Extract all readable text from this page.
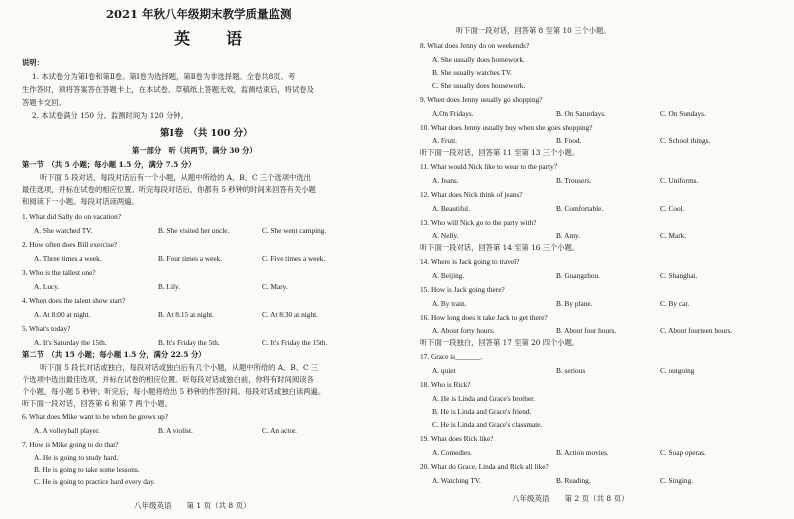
2021 年秋八年级期末教学质量监测
英　语
说明：
1. 本试卷分为第Ⅰ卷和第Ⅱ卷。第Ⅰ卷为选择题，第Ⅱ卷为非选择题。全卷共8页。考
生作答时，须将答案答在答题卡上，在本试卷、草稿纸上答题无效，监测结束后，将试卷及
答题卡交回。
2. 本试卷满分 150 分。监测时间为 120 分钟。
第Ⅰ卷　（共 100 分）
第一部分　听（共两节，满分 30 分）
第一节　（共 5 小题；每小题 1.5 分，满分 7.5 分）
听下面 5 段对话，每段对话后有一个小题，从题中所给的 A、B、C 三个选项中选出
最佳选项，并标在试卷的相应位置。听完每段对话后，你都有 5 秒钟的时间来回答有关小题
和阅读下一小题。每段对话读两遍。
1. What did Sally do on vacation?
A. She watched TV.	B. She visited her uncle.	C. She went camping.
2. How often does Bill exercise?
A. Three times a week.	B. Four times a week.	C. Five times a week.
3. Who is the tallest one?
A. Lucy.	B. Lily.	C. Mary.
4. When does the talent show start?
A. At 8:00 at night.	B. At 8:15 at night.	C. At 8:30 at night.
5. What's today?
A. It's Saturday the 15th.	B. It's Friday the 5th.	C. It's Friday the 15th.
第二节　（共 15 小题；每小题 1.5 分，满分 22.5 分）
听下面 5 段长对话或独白，每段对话或独白后有几个小题，从题中所给的 A、B、C 三
个选项中选出最佳选项，并标在试卷的相应位置。听每段对话或独白前，你将有时间阅读各
个小题，每小题 5 秒钟；听完后，每小题将给出 5 秒钟的作答时间。每段对话或独白读两遍。
听下面一段对话，回答第 6 和第 7 两个小题。
6. What does Mike want to be when he grows up?
A. A volleyball player.	B. A violist.	C. An actor.
7. How is Mike going to do that?
A. He is going to study hard.
B. He is going to take some lessons.
C. He is going to practice hard every day.
八年级英语　　第 1 页（共 8 页）
听下面一段对话，回答第 8 至第 10 三个小题。
8. What does Jenny do on weekends?
A. She usually does homework.
B. She usually watches TV.
C. She usually does housework.
9. When does Jenny usually go shopping?
A.On Fridays.	B. On Saturdays.	C. On Sundays.
10. What does Jenny usually buy when she goes shopping?
A. Fruit.	B. Food.	C. School things.
听下面一段对话，回答第 11 至第 13 三个小题。
11. What would Nick like to wear to the party？
A. Jeans.	B. Trousers.	C. Uniforms.
12. What does Nick think of jeans?
A. Beautiful.	B. Comfortable.	C. Cool.
13. Who will Nick go to the party with?
A. Nelly.	B. Amy.	C. Mark.
听下面一段对话，回答第 14 至第 16 三个小题。
14. Where is Jack going to travel?
A. Beijing.	B. Guangzhou.	C. Shanghai.
15. How is Jack going there?
A. By train.	B. By plane.	C. By car.
16. How long does it take Jack to get there?
A. About forty hours.	B. About four hours.	C. About fourteen hours.
听下面一段独白，回答第 17 至第 20 四个小题。
17. Grace is_______.
A. quiet	B. serious	C. outgoing
18. Who is Rick?
A. He is Linda and Grace's brother.
B. He is Linda and Grace's friend.
C. He is Linda and Grace's classmate.
19. What does Rick like?
A. Comedies.	B. Action movies.	C. Soap operas.
20. What do Grace, Linda and Rick all like?
A. Watching TV.	B. Reading.	C. Singing.
八年级英语　　第 2 页（共 8 页）
